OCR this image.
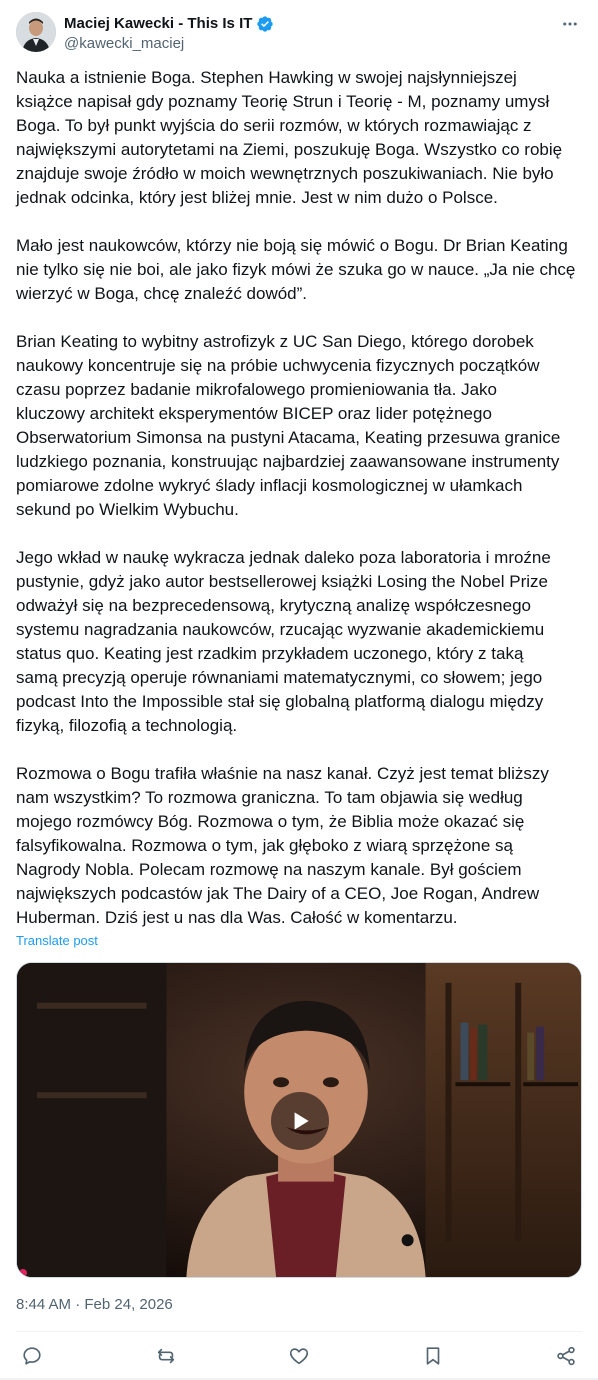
Maciej Kawecki - This Is IT
@kawecki_maciej

Nauka a istnienie Boga. Stephen Hawking w swojej najsłynniejszej
książce napisał gdy poznamy Teorię Strun i Teorię - M, poznamy umysł
Boga. To był punkt wyjścia do serii rozmów, w których rozmawiając z
największymi autorytetami na Ziemi, poszukuję Boga. Wszystko co robię
znajduje swoje źródło w moich wewnętrznych poszukiwaniach. Nie było
jednak odcinka, który jest bliżej mnie. Jest w nim dużo o Polsce.

Mało jest naukowców, którzy nie boją się mówić o Bogu. Dr Brian Keating
nie tylko się nie boi, ale jako fizyk mówi że szuka go w nauce. „Ja nie chcę
wierzyć w Boga, chcę znaleźć dowód”.

Brian Keating to wybitny astrofizyk z UC San Diego, którego dorobek
naukowy koncentruje się na próbie uchwycenia fizycznych początków
czasu poprzez badanie mikrofalowego promieniowania tła. Jako
kluczowy architekt eksperymentów BICEP oraz lider potężnego
Obserwatorium Simonsa na pustyni Atacama, Keating przesuwa granice
ludzkiego poznania, konstruując najbardziej zaawansowane instrumenty
pomiarowe zdolne wykryć ślady inflacji kosmologicznej w ułamkach
sekund po Wielkim Wybuchu.

Jego wkład w naukę wykracza jednak daleko poza laboratoria i mroźne
pustynie, gdyż jako autor bestsellerowej książki Losing the Nobel Prize
odważył się na bezprecedensową, krytyczną analizę współczesnego
systemu nagradzania naukowców, rzucając wyzwanie akademickiemu
status quo. Keating jest rzadkim przykładem uczonego, który z taką
samą precyzją operuje równaniami matematycznymi, co słowem; jego
podcast Into the Impossible stał się globalną platformą dialogu między
fizyką, filozofią a technologią.

Rozmowa o Bogu trafiła właśnie na nasz kanał. Czyż jest temat bliższy
nam wszystkim? To rozmowa graniczna. To tam objawia się według
mojego rozmówcy Bóg. Rozmowa o tym, że Biblia może okazać się
falsyfikowalna. Rozmowa o tym, jak głęboko z wiarą sprzężone są
Nagrody Nobla. Polecam rozmowę na naszym kanale. Był gościem
największych podcastów jak The Dairy of a CEO, Joe Rogan, Andrew
Huberman. Dziś jest u nas dla Was. Całość w komentarzu.

Translate post
8:44 AM · Feb 24, 2026
